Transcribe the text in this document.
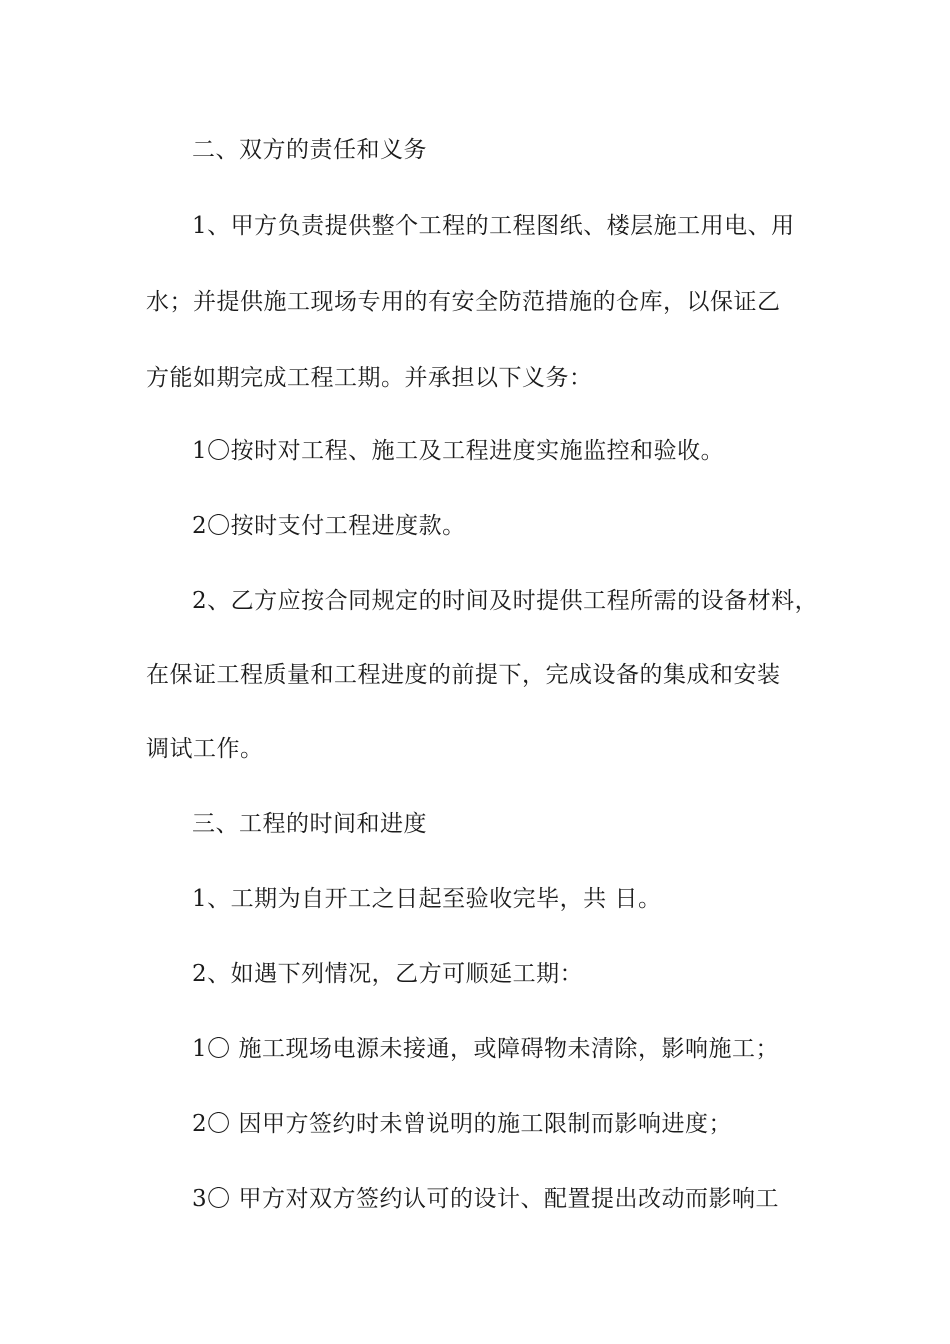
二、双方的责任和义务
1、甲方负责提供整个工程的工程图纸、楼层施工用电、用
水；并提供施工现场专用的有安全防范措施的仓库，以保证乙
方能如期完成工程工期。并承担以下义务：
1〇按时对工程、施工及工程进度实施监控和验收。
2〇按时支付工程进度款。
2、乙方应按合同规定的时间及时提供工程所需的设备材料，
在保证工程质量和工程进度的前提下，完成设备的集成和安装
调试工作。
三、工程的时间和进度
1、工期为自开工之日起至验收完毕，共 日。
2、如遇下列情况，乙方可顺延工期：
1〇 施工现场电源未接通，或障碍物未清除，影响施工；
2〇 因甲方签约时未曾说明的施工限制而影响进度；
3〇 甲方对双方签约认可的设计、配置提出改动而影响工
